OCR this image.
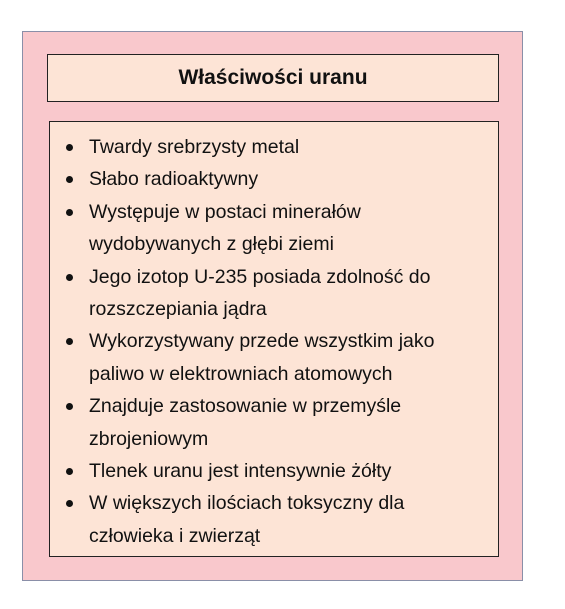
Właściwości uranu
Twardy srebrzysty metal
Słabo radioaktywny
Występuje w postaci minerałów wydobywanych z głębi ziemi
Jego izotop U-235 posiada zdolność do rozszczepiania jądra
Wykorzystywany przede wszystkim jako paliwo w elektrowniach atomowych
Znajduje zastosowanie w przemyśle zbrojeniowym
Tlenek uranu jest intensywnie żółty
W większych ilościach toksyczny dla człowieka i zwierząt
